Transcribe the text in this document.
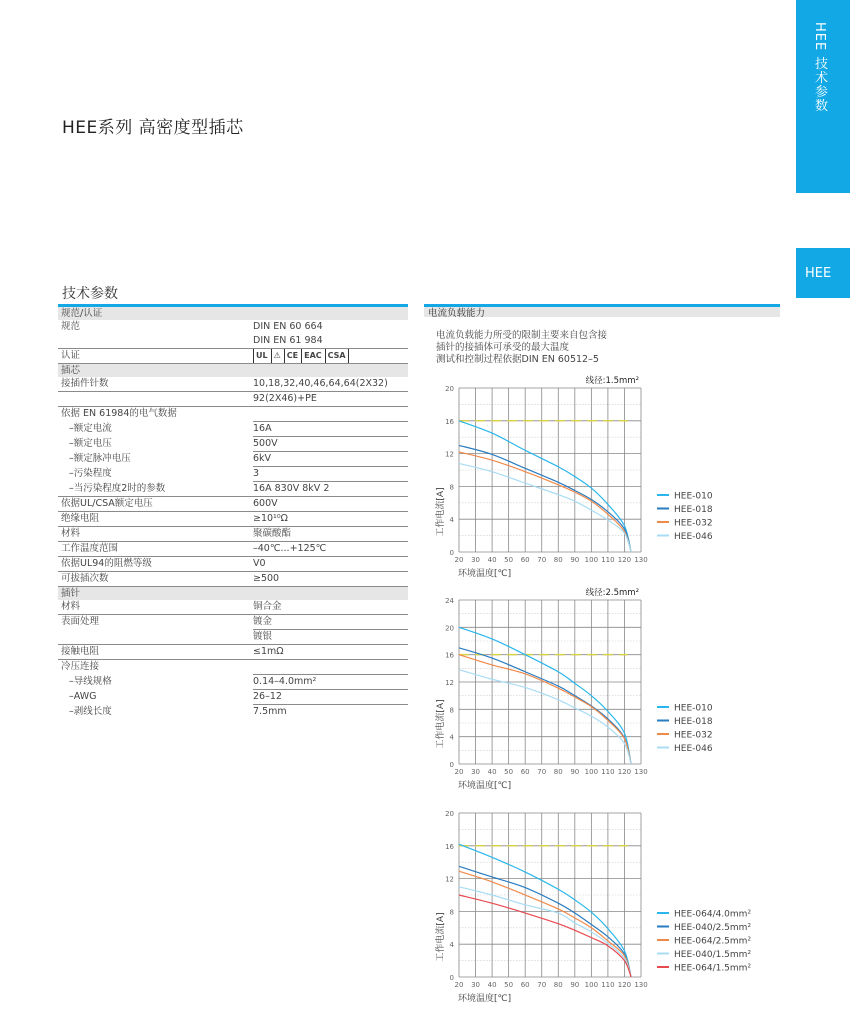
HEE 技术参数
HEE
HEE系列 高密度型插芯
技术参数
规范/认证
规范	DIN EN 60 664
DIN EN 61 984
认证	UL ⚠ CE EAC CSA
插芯
接插件针数	10,18,32,40,46,64,64(2X32)
92(2X46)+PE
依据 EN 61984的电气数据
–额定电流	16A
–额定电压	500V
–额定脉冲电压	6kV
–污染程度	3
–当污染程度2时的参数	16A 830V 8kV 2
依据UL/CSA额定电压	600V
绝缘电阻	≥10¹⁰Ω
材料	聚碳酸酯
工作温度范围	–40℃...+125℃
依据UL94的阻燃等级	V0
可拔插次数	≥500
插针
材料	铜合金
表面处理	镀金
镀银
接触电阻	≤1mΩ
冷压连接
–导线规格	0.14–4.0mm²
–AWG	26–12
–剥线长度	7.5mm
电流负载能力
电流负载能力所受的限制主要来自包含接
插针的接插体可承受的最大温度
测试和控制过程依据DIN EN 60512–5
0
4
8
12
16
20
20 30 40 50 60 70 80 90 100 110 120 130
HEE-010
HEE-018
HEE-032
HEE-046
线径:1.5mm²
环境温度[℃]
工作电流[A]
0
4
8
12
16
20
24
20 30 40 50 60 70 80 90 100 110 120 130
HEE-010
HEE-018
HEE-032
HEE-046
线径:2.5mm²
环境温度[℃]
工作电流[A]
0
4
8
12
16
20
20 30 40 50 60 70 80 90 100 110 120 130
HEE-064/4.0mm²
HEE-040/2.5mm²
HEE-064/2.5mm²
HEE-040/1.5mm²
HEE-064/1.5mm²
环境温度[℃]
工作电流[A]
